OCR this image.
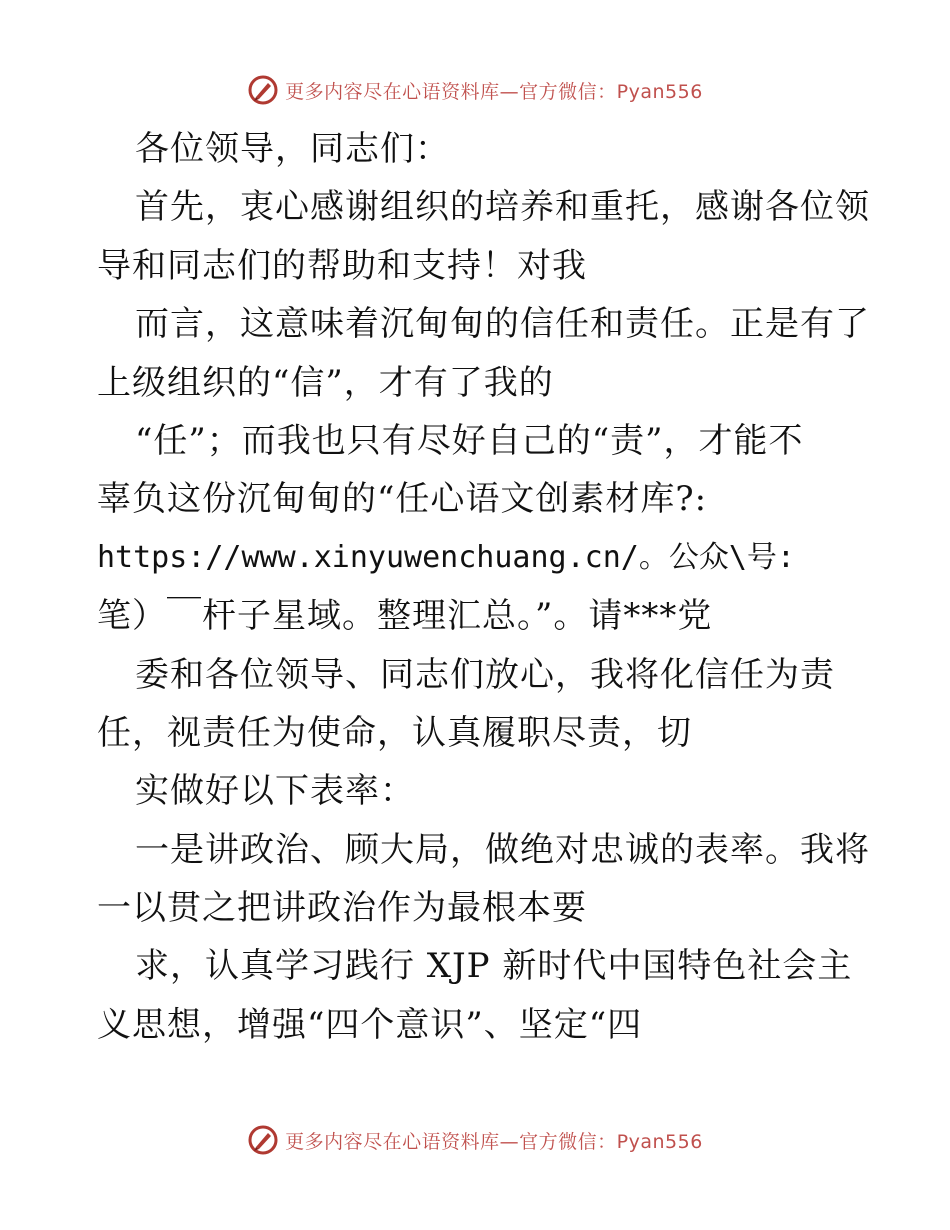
更多内容尽在心语资料库—官方微信：Pyan556
各位领导，同志们：
首先，衷心感谢组织的培养和重托，感谢各位领
导和同志们的帮助和支持！对我
而言，这意味着沉甸甸的信任和责任。正是有了
上级组织的“信”，才有了我的
“任”；而我也只有尽好自己的“责”，才能不
辜负这份沉甸甸的“任心语文创素材库?:
https://www.xinyuwenchuang.cn/。公众\号:
笔）￣杆子星域。整理汇总。”。请***党
委和各位领导、同志们放心，我将化信任为责
任，视责任为使命，认真履职尽责，切
实做好以下表率：
一是讲政治、顾大局，做绝对忠诚的表率。我将
一以贯之把讲政治作为最根本要
求，认真学习践行 XJP 新时代中国特色社会主
义思想，增强“四个意识”、坚定“四
更多内容尽在心语资料库—官方微信：Pyan556
